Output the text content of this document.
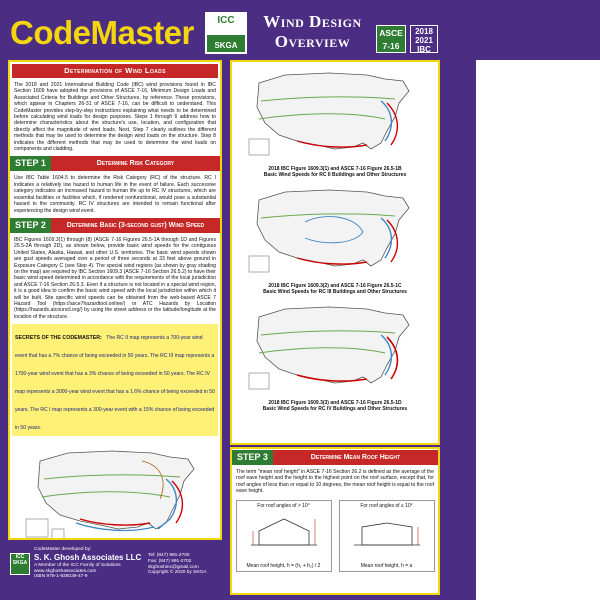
CodeMaster	ICC
SKGA
Wind Design
Overview	ASCE
7-16
2018
2021
IBC
Determination of Wind Loads

The 2018 and 2021 International Building Code (IBC) wind provisions found in IBC Section 1609 have adopted the provisions of ASCE 7-16, Minimum Design Loads and Associated Criteria for Buildings and Other Structures, by reference. These provisions, which appear in Chapters 26-31 of ASCE 7-16, can be difficult to understand. This CodeMaster provides step-by-step instructions explaining what needs to be determined before calculating wind loads for design purposes. Steps 1 through 6 address how to determine characteristics about the structure's use, location, and configuration that directly affect the magnitude of wind loads. Next, Step 7 clearly outlines the different methods that may be used to determine the design wind loads on the structure. Step 8 indicates the different methods that may be used to determine the wind loads on components and cladding.

STEP 1	Determine Risk Category

Use IBC Table 1604.5 to determine the Risk Category (RC) of the structure. RC I indicates a relatively low hazard to human life in the event of failure. Each successive category indicates an increased hazard to human life up to RC IV structures, which are essential facilities or facilities which, if rendered nonfunctional, would pose a substantial hazard to the community. RC IV structures are intended to remain functional after experiencing the design wind event.

STEP 2	Determine Basic (3-second gust) Wind Speed

IBC Figures 1609.3(1) through (8) (ASCE 7-16 Figures 26.5-1A through 1D and Figures 26.5-2A through 2D), as shown below, provide basic wind speeds for the contiguous United States, Alaska, Hawaii, and other U.S. territories. The basic wind speeds shown are gust speeds averaged over a period of three seconds at 33 feet above ground in Exposure Category C (see Step 4). The special wind regions (as shown by gray shading on the map) are required by IBC Section 1609.3 (ASCE 7-16 Section 26.5.2) to have their basic wind speed determined in accordance with the requirements of the local jurisdiction and ASCE 7-16 Section 26.5.3. Even if a structure is not located in a special wind region, it is a good idea to confirm the basic wind speed with the local jurisdiction within which it will be built. Site specific wind speeds can be obtained from the web-based ASCE 7 Hazard Tool (https://asce7hazardtool.online/) or ATC Hazards by Location (https://hazards.atcouncil.org/) by using the street address or the latitude/longitude at the location of the structure.

SECRETS OF THE CODEMASTER: The RC II map represents a 700-year wind event that has a 7% chance of being exceeded in 50 years. The RC III map represents a 1700-year wind event that has a 3% chance of being exceeded in 50 years. The RC IV map represents a 3000-year wind event that has a 1.6% chance of being exceeded in 50 years. The RC I map represents a 300-year event with a 15% chance of being exceeded in 50 years.
2018 IBC Figure 1609.3(1) and ASCE 7-16 Figure 26.5-1B
Basic Wind Speeds for RC II Buildings and Other Structures
2018 IBC Figure 1609.3(2) and ASCE 7-16 Figure 26.5-1C
Basic Wind Speeds for RC III Buildings and Other Structures
2018 IBC Figure 1609.3(3) and ASCE 7-16 Figure 26.5-1D
Basic Wind Speeds for RC IV Buildings and Other Structures
STEP 3	Determine Mean Roof Height

The term "mean roof height" in ASCE 7-16 Section 26.2 is defined as the average of the roof eave height and the height to the highest point on the roof surface, except that, for roof angles of less than or equal to 10 degrees, the mean roof height is equal to the roof eave height.

For roof angles of > 10°
Mean roof height, h = (h₁ + h₂) / 2
For roof angles of ≤ 10°
Mean roof height, h = a
ICC
SKGA
CodeMaster developed by:
S. K. Ghosh Associates LLC
A Member of the ICC Family of Solutions
www.skghoshassociates.com
ISBN 978-1-936039-47-9
Tel: (847) 991-2700
Fax: (847) 991-2702
skghoshinc@gmail.com
Copyright © 2020 by SKGA
